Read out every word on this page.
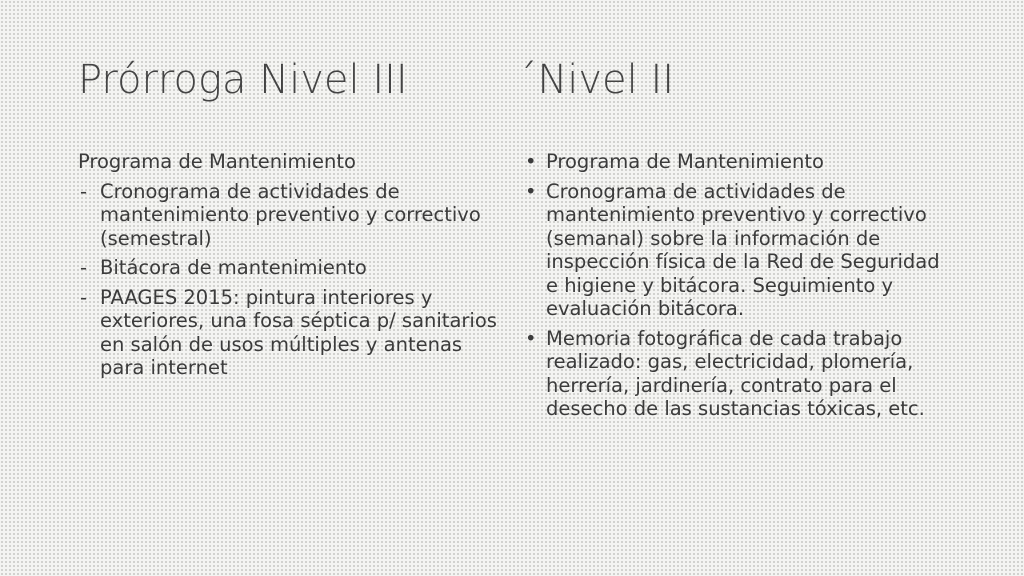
Prórroga Nivel III	´Nivel II
Programa de Mantenimiento
- Cronograma de actividades de mantenimiento preventivo y correctivo (semestral)
- Bitácora de mantenimiento
- PAAGES 2015: pintura interiores y exteriores, una fosa séptica p/ sanitarios en salón de usos múltiples y antenas para internet
• Programa de Mantenimiento
• Cronograma de actividades de mantenimiento preventivo y correctivo (semanal) sobre la información de inspección física de la Red de Seguridad e higiene y bitácora. Seguimiento y evaluación bitácora.
• Memoria fotográfica de cada trabajo realizado: gas, electricidad, plomería, herrería, jardinería, contrato para el desecho de las sustancias tóxicas, etc.
